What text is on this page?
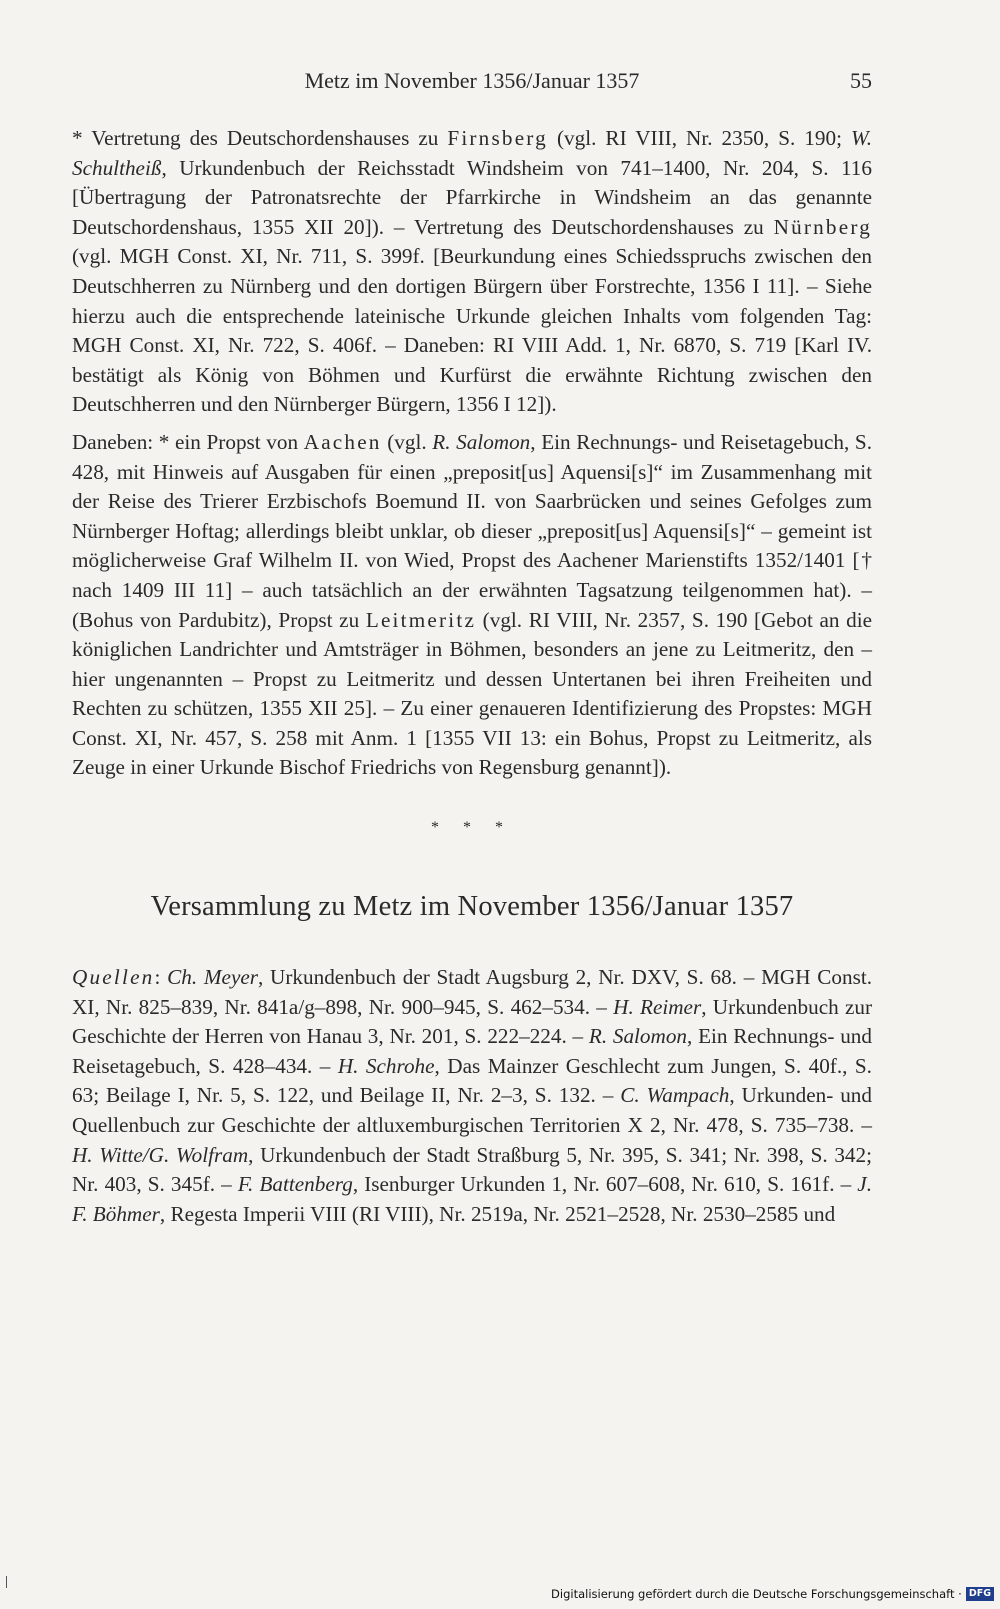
Metz im November 1356/Januar 1357	55

* Vertretung des Deutschordenshauses zu Firnsberg (vgl. RI VIII, Nr. 2350, S. 190; W. Schultheiß, Urkundenbuch der Reichsstadt Windsheim von 741–1400, Nr. 204, S. 116 [Übertragung der Patronatsrechte der Pfarrkirche in Windsheim an das genannte Deutschordenshaus, 1355 XII 20]). – Vertretung des Deutschordenshauses zu Nürnberg (vgl. MGH Const. XI, Nr. 711, S. 399f. [Beurkundung eines Schiedsspruchs zwischen den Deutschherren zu Nürnberg und den dortigen Bürgern über Forstrechte, 1356 I 11]. – Siehe hierzu auch die entsprechende lateinische Urkunde gleichen Inhalts vom folgenden Tag: MGH Const. XI, Nr. 722, S. 406f. – Daneben: RI VIII Add. 1, Nr. 6870, S. 719 [Karl IV. bestätigt als König von Böhmen und Kurfürst die erwähnte Richtung zwischen den Deutschherren und den Nürnberger Bürgern, 1356 I 12]).

Daneben: * ein Propst von Aachen (vgl. R. Salomon, Ein Rechnungs- und Reisetagebuch, S. 428, mit Hinweis auf Ausgaben für einen „preposit[us] Aquensi[s]“ im Zusammenhang mit der Reise des Trierer Erzbischofs Boemund II. von Saarbrücken und seines Gefolges zum Nürnberger Hoftag; allerdings bleibt unklar, ob dieser „preposit[us] Aquensi[s]“ – gemeint ist möglicherweise Graf Wilhelm II. von Wied, Propst des Aachener Marienstifts 1352/1401 [† nach 1409 III 11] – auch tatsächlich an der erwähnten Tagsatzung teilgenommen hat). – (Bohus von Pardubitz), Propst zu Leitmeritz (vgl. RI VIII, Nr. 2357, S. 190 [Gebot an die königlichen Landrichter und Amtsträger in Böhmen, besonders an jene zu Leitmeritz, den – hier ungenannten – Propst zu Leitmeritz und dessen Untertanen bei ihren Freiheiten und Rechten zu schützen, 1355 XII 25]. – Zu einer genaueren Identifizierung des Propstes: MGH Const. XI, Nr. 457, S. 258 mit Anm. 1 [1355 VII 13: ein Bohus, Propst zu Leitmeritz, als Zeuge in einer Urkunde Bischof Friedrichs von Regensburg genannt]).

* * *
Versammlung zu Metz im November 1356/Januar 1357

Quellen: Ch. Meyer, Urkundenbuch der Stadt Augsburg 2, Nr. DXV, S. 68. – MGH Const. XI, Nr. 825–839, Nr. 841a/g–898, Nr. 900–945, S. 462–534. – H. Reimer, Urkundenbuch zur Geschichte der Herren von Hanau 3, Nr. 201, S. 222–224. – R. Salomon, Ein Rechnungs- und Reisetagebuch, S. 428–434. – H. Schrohe, Das Mainzer Geschlecht zum Jungen, S. 40f., S. 63; Beilage I, Nr. 5, S. 122, und Beilage II, Nr. 2–3, S. 132. – C. Wampach, Urkunden- und Quellenbuch zur Geschichte der altluxemburgischen Territorien X 2, Nr. 478, S. 735–738. – H. Witte/G. Wolfram, Urkundenbuch der Stadt Straßburg 5, Nr. 395, S. 341; Nr. 398, S. 342; Nr. 403, S. 345f. – F. Battenberg, Isenburger Urkunden 1, Nr. 607–608, Nr. 610, S. 161f. – J. F. Böhmer, Regesta Imperii VIII (RI VIII), Nr. 2519a, Nr. 2521–2528, Nr. 2530–2585 und

Digitalisierung gefördert durch die Deutsche Forschungsgemeinschaft · DFG
